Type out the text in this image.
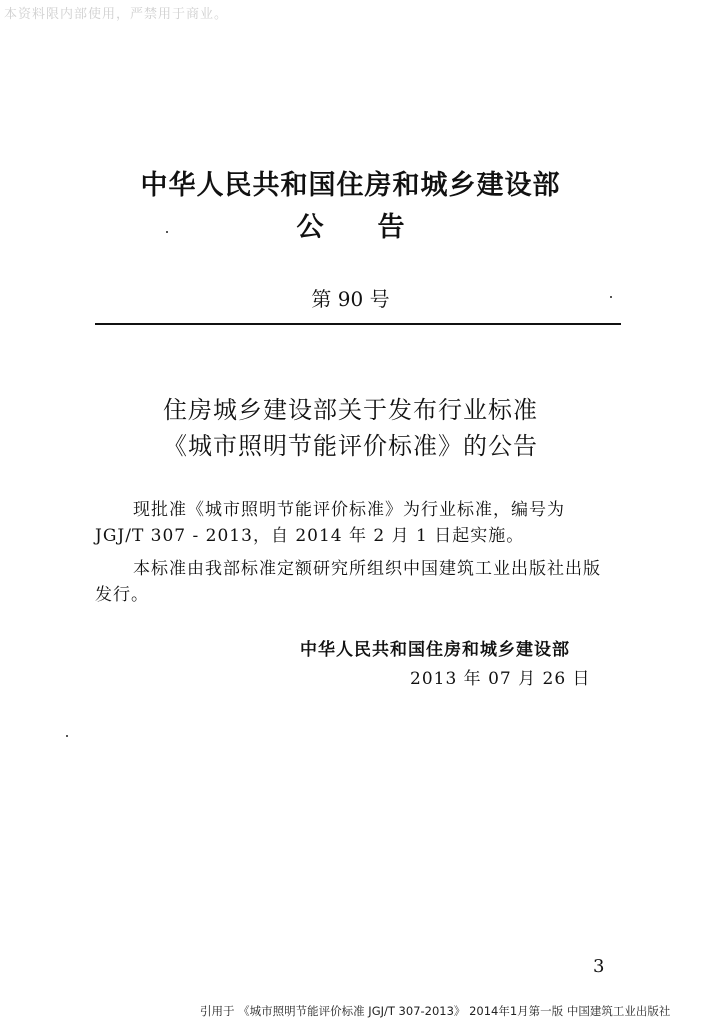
本资料限内部使用，严禁用于商业。
中华人民共和国住房和城乡建设部
公告
第 90 号
住房城乡建设部关于发布行业标准
《城市照明节能评价标准》的公告
现批准《城市照明节能评价标准》为行业标准，编号为
JGJ/T 307 - 2013，自 2014 年 2 月 1 日起实施。
本标准由我部标准定额研究所组织中国建筑工业出版社出版
发行。
中华人民共和国住房和城乡建设部
2013 年 07 月 26 日
3
引用于 《城市照明节能评价标准 JGJ/T 307-2013》 2014年1月第一版 中国建筑工业出版社
